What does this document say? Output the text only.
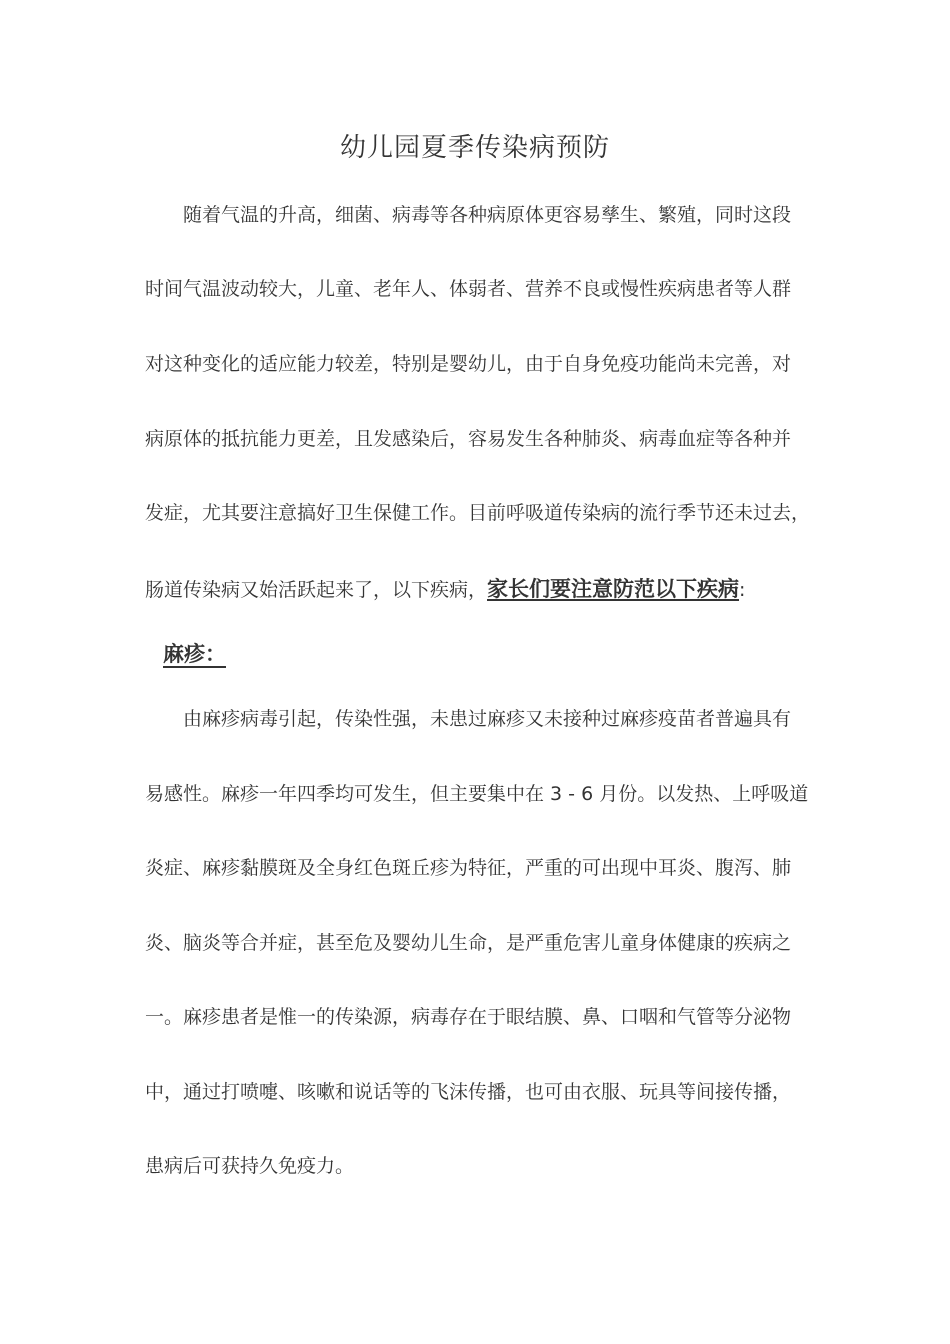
幼儿园夏季传染病预防
随着气温的升高，细菌、病毒等各种病原体更容易孳生、繁殖，同时这段
时间气温波动较大，儿童、老年人、体弱者、营养不良或慢性疾病患者等人群
对这种变化的适应能力较差，特别是婴幼儿，由于自身免疫功能尚未完善，对
病原体的抵抗能力更差，且发感染后，容易发生各种肺炎、病毒血症等各种并
发症，尤其要注意搞好卫生保健工作。目前呼吸道传染病的流行季节还未过去，
肠道传染病又始活跃起来了，以下疾病，家长们要注意防范以下疾病:
麻疹：
由麻疹病毒引起，传染性强，未患过麻疹又未接种过麻疹疫苗者普遍具有
易感性。麻疹一年四季均可发生，但主要集中在 3 - 6 月份。以发热、上呼吸道
炎症、麻疹黏膜斑及全身红色斑丘疹为特征，严重的可出现中耳炎、腹泻、肺
炎、脑炎等合并症，甚至危及婴幼儿生命，是严重危害儿童身体健康的疾病之
一。麻疹患者是惟一的传染源，病毒存在于眼结膜、鼻、口咽和气管等分泌物
中，通过打喷嚏、咳嗽和说话等的飞沫传播，也可由衣服、玩具等间接传播，
患病后可获持久免疫力。
